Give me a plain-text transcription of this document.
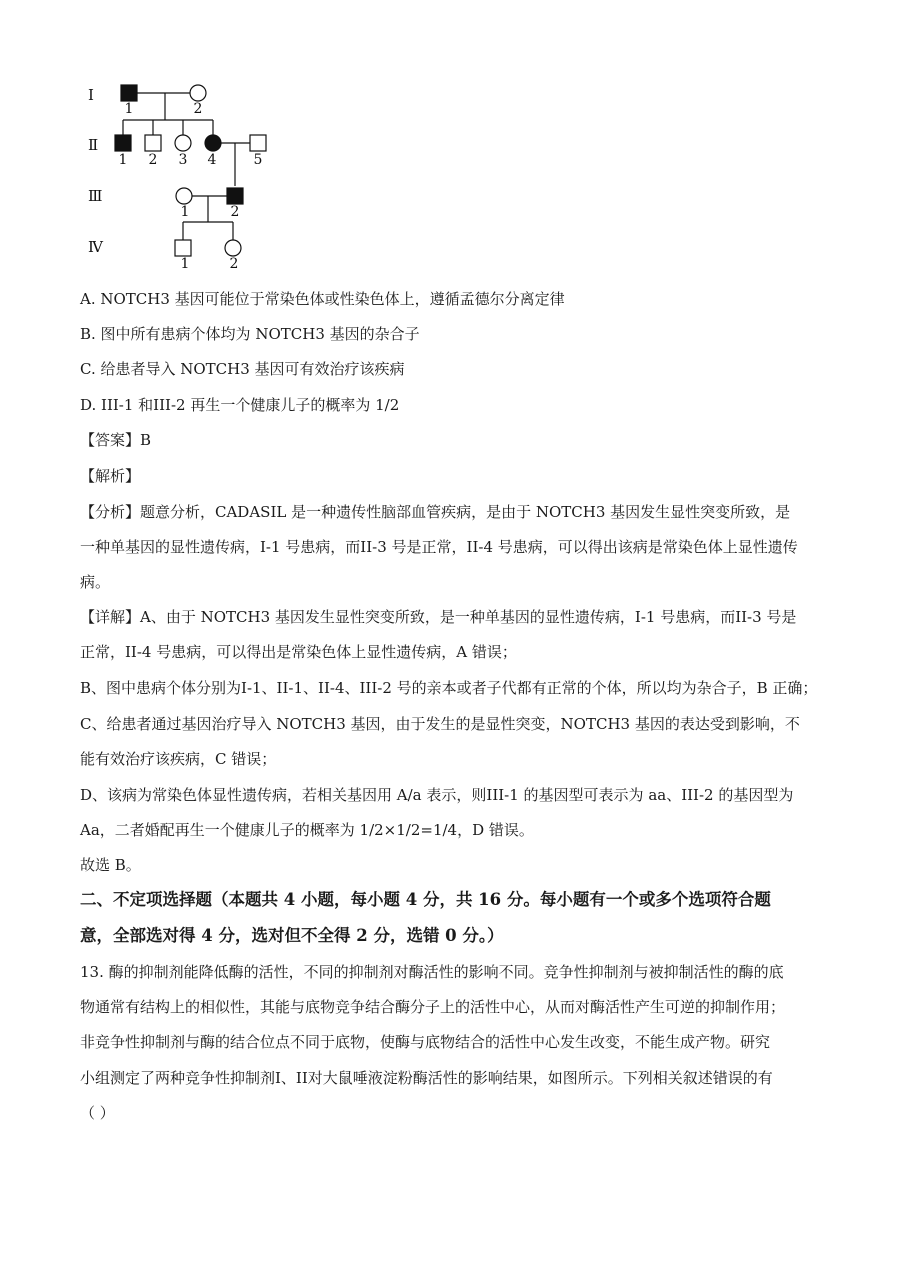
Ⅰ
Ⅱ
Ⅲ
Ⅳ
1	2
1 2 3 4	5
1	2
1	2
A. NOTCH3 基因可能位于常染色体或性染色体上，遵循孟德尔分离定律
B. 图中所有患病个体均为 NOTCH3 基因的杂合子
C. 给患者导入 NOTCH3 基因可有效治疗该疾病
D. III-1 和III-2 再生一个健康儿子的概率为 1/2
【答案】B
【解析】
【分析】题意分析，CADASIL 是一种遗传性脑部血管疾病，是由于 NOTCH3 基因发生显性突变所致，是
一种单基因的显性遗传病，I-1 号患病，而II-3 号是正常，II-4 号患病，可以得出该病是常染色体上显性遗传
病。
【详解】A、由于 NOTCH3 基因发生显性突变所致，是一种单基因的显性遗传病，I-1 号患病，而II-3 号是
正常，II-4 号患病，可以得出是常染色体上显性遗传病，A 错误；
B、图中患病个体分别为I-1、II-1、II-4、III-2 号的亲本或者子代都有正常的个体，所以均为杂合子，B 正确；
C、给患者通过基因治疗导入 NOTCH3 基因，由于发生的是显性突变，NOTCH3 基因的表达受到影响，不
能有效治疗该疾病，C 错误；
D、该病为常染色体显性遗传病，若相关基因用 A/a 表示，则III-1 的基因型可表示为 aa、III-2 的基因型为
Aa，二者婚配再生一个健康儿子的概率为 1/2×1/2=1/4，D 错误。
故选 B。
二、不定项选择题（本题共 4 小题，每小题 4 分，共 16 分。每小题有一个或多个选项符合题
意，全部选对得 4 分，选对但不全得 2 分，选错 0 分。）
13. 酶的抑制剂能降低酶的活性，不同的抑制剂对酶活性的影响不同。竞争性抑制剂与被抑制活性的酶的底
物通常有结构上的相似性，其能与底物竞争结合酶分子上的活性中心，从而对酶活性产生可逆的抑制作用；
非竞争性抑制剂与酶的结合位点不同于底物，使酶与底物结合的活性中心发生改变，不能生成产物。研究
小组测定了两种竞争性抑制剂I、II对大鼠唾液淀粉酶活性的影响结果，如图所示。下列相关叙述错误的有
（ ）
